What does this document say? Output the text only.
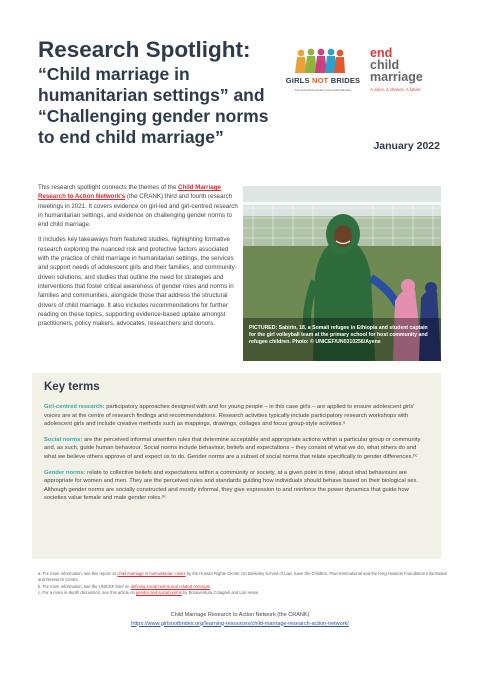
Research Spotlight:
“Child marriage in humanitarian settings” and “Challenging gender norms to end child marriage”
GIRLS NOT BRIDES
The Global Partnership to End Child Marriage
end
child
marriage
A voice. A chance. A future.

January 2022

This research spotlight connects the themes of the Child Marriage Research to Action Network's (the CRANK) third and fourth research meetings in 2021. It covers evidence on girl-led and girl-centred research in humanitarian settings, and evidence on challenging gender norms to end child marriage.

It includes key takeaways from featured studies, highlighting formative research exploring the nuanced risk and protective factors associated with the practice of child marriage in humanitarian settings, the services and support needs of adolescent girls and their families, and community-driven solutions; and studies that outline the need for strategies and interventions that foster critical awareness of gender roles and norms in families and communities, alongside those that address the structural drivers of child marriage. It also includes recommendations for further reading on these topics, supporting evidence-based uptake amongst practitioners, policy makers, advocates, researchers and donors.

PICTURED: Sabirin, 18, a Somali refugee in Ethiopia and student captain for the girl volleyball team at the primary school for host community and refugee children. Photo: © UNICEF/UN0310256/Ayene
Key terms

Girl-centred research: participatory approaches designed with and for young people – in this case girls – are applied to ensure adolescent girls' voices are at the centre of research findings and recommendations. Research activities typically include participatory research workshops with adolescent girls and include creative methods such as mappings, drawings, collages and focus group-style activities.ᵃ

Social norms: are the perceived informal unwritten rules that determine acceptable and appropriate actions within a particular group or community and, as such, guide human behaviour. Social norms include behaviour, beliefs and expectations – they consist of what we do, what others do and what we believe others approve of and expect us to do. Gender norms are a subset of social norms that relate specifically to gender differences.ᵇᶜ

Gender norms: relate to collective beliefs and expectations within a community or society, at a given point in time, about what behaviours are appropriate for women and men. They are the perceived rules and standards guiding how individuals should behave based on their biological sex. Although gender norms are socially constructed and mostly informal, they give expression to and reinforce the power dynamics that guide how societies value female and male gender roles.ᵇᶜ

a. For more information, see this report on child marriage in humanitarian crises by the Human Rights Centre UC Berkeley School of Law, Save the Children, Plan International and the King Hussein Foundation Information and Research Centre.
b. For more information, see the UNICEF brief on defining social norms and related concepts.
c. For a more in-depth discussion, see this article on gender and social norms by Bonaventura Colagreli and Lori Heise.
Child Marriage Research to Action Network (the CRANK)
https://www.girlsnotbrides.org/learning-resources/child-marriage-research-action-network/
